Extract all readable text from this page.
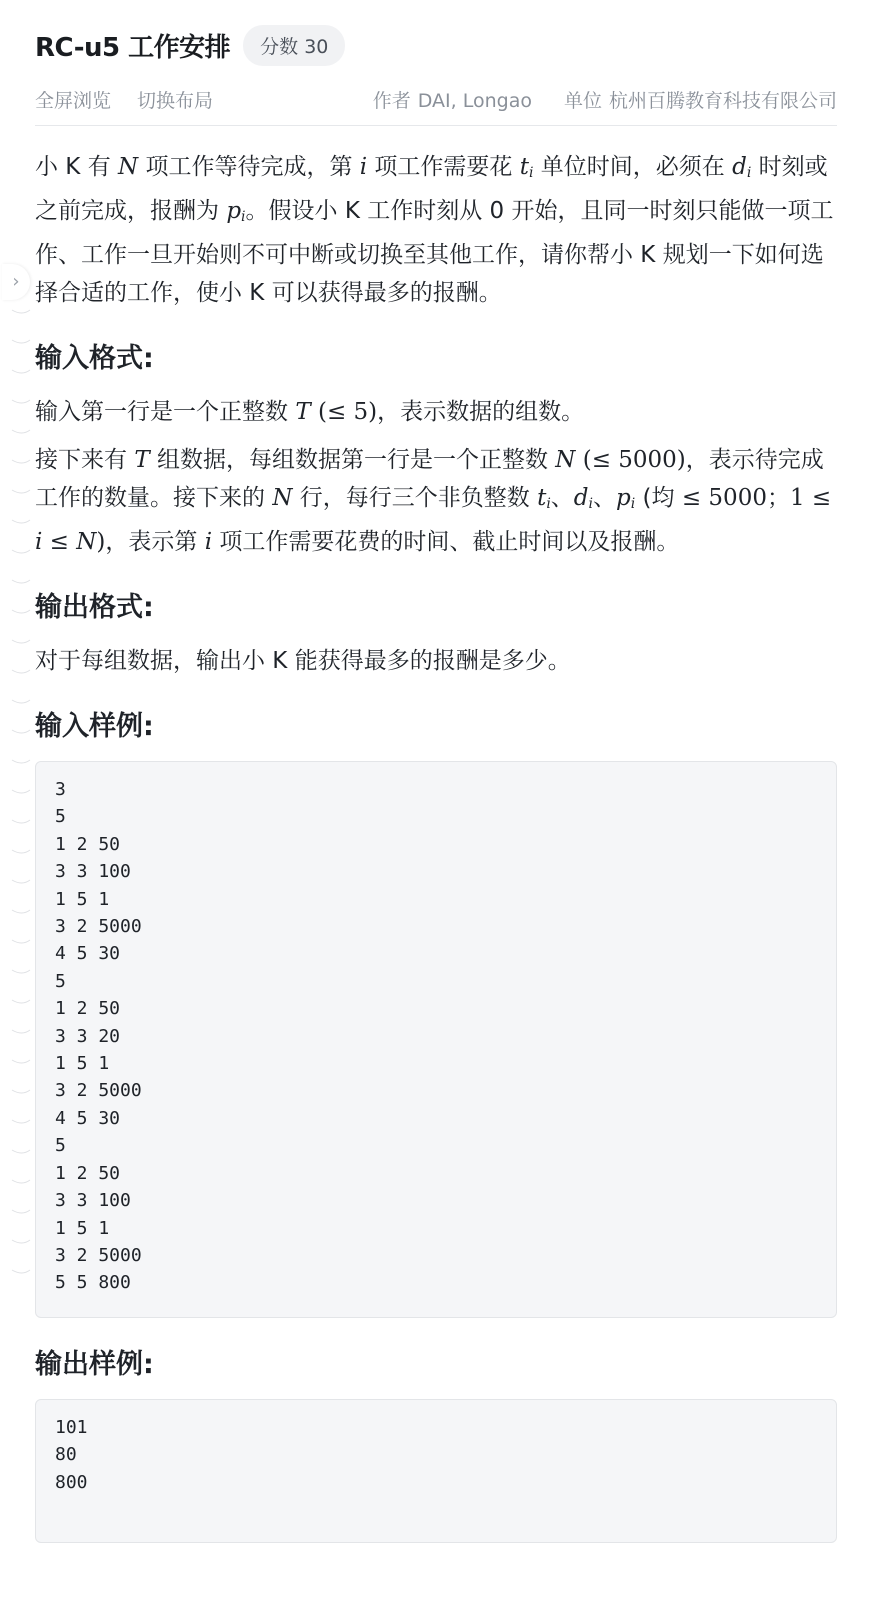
›
RC-u5 工作安排	分数 30
全屏浏览 切换布局	作者 DAI, Longao 单位 杭州百腾教育科技有限公司

小 K 有 N 项工作等待完成，第 i 项工作需要花 $t_i$ 单位时间，必须在 $d_i$ 时刻或之前完成，报酬为 $p_i$。假设小 K 工作时刻从 0 开始，且同一时刻只能做一项工作、工作一旦开始则不可中断或切换至其他工作，请你帮小 K 规划一下如何选择合适的工作，使小 K 可以获得最多的报酬。

输入格式:

输入第一行是一个正整数 T (≤ 5)，表示数据的组数。

接下来有 T 组数据，每组数据第一行是一个正整数 N (≤ 5000)，表示待完成工作的数量。接下来的 N 行，每行三个非负整数 $t_i$、$d_i$、$p_i$ (均 ≤ 5000；1 ≤ i ≤ N)，表示第 i 项工作需要花费的时间、截止时间以及报酬。

输出格式:

对于每组数据，输出小 K 能获得最多的报酬是多少。

输入样例:
3
5
1 2 50
3 3 100
1 5 1
3 2 5000
4 5 30
5
1 2 50
3 3 20
1 5 1
3 2 5000
4 5 30
5
1 2 50
3 3 100
1 5 1
3 2 5000
5 5 800
输出样例:
101
80
800
